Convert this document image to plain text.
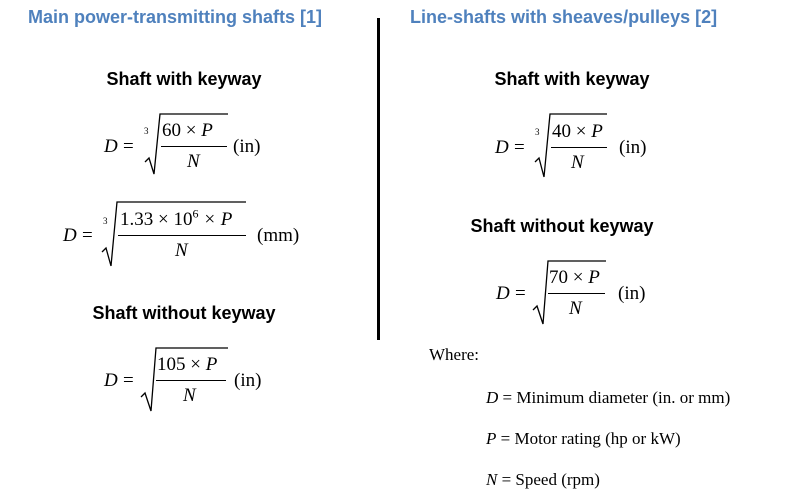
Main power-transmitting shafts [1]	Line-shafts with sheaves/pulleys [2]
Shaft with keyway
D =
3 60 × P
N
(in)
D =
3 $1.33 \times 10^6 \times P$
N
(mm)
Shaft without keyway
D =
105 × P
N
(in)
Shaft with keyway
D =
3 40 × P
N
(in)
Shaft without keyway
D =
70 × P
N
(in)
Where:
D = Minimum diameter (in. or mm)
P = Motor rating (hp or kW)
N = Speed (rpm)
